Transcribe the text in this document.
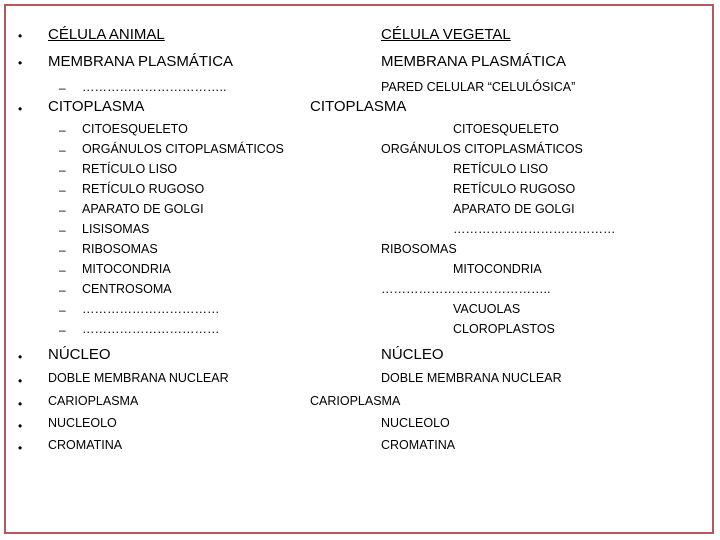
• CÉLULA ANIMAL
• MEMBRANA PLASMÁTICA
– ……………………………..
• CITOPLASMA
– CITOESQUELETO
– ORGÁNULOS CITOPLASMÁTICOS
– RETÍCULO LISO
– RETÍCULO RUGOSO
– APARATO DE GOLGI
– LISISOMAS
– RIBOSOMAS
– MITOCONDRIA
– CENTROSOMA
– ……………………………
– ……………………………
• NÚCLEO
• DOBLE MEMBRANA NUCLEAR
• CARIOPLASMA
• NUCLEOLO
• CROMATINA
CÉLULA VEGETAL
MEMBRANA PLASMÁTICA
PARED CELULAR “CELULÓSICA”
CITOPLASMA
CITOESQUELETO
ORGÁNULOS CITOPLASMÁTICOS
RETÍCULO LISO
RETÍCULO RUGOSO
APARATO DE GOLGI
…………………………………
RIBOSOMAS
MITOCONDRIA
…………………………………..
VACUOLAS
CLOROPLASTOS
NÚCLEO
DOBLE MEMBRANA NUCLEAR
CARIOPLASMA
NUCLEOLO
CROMATINA
